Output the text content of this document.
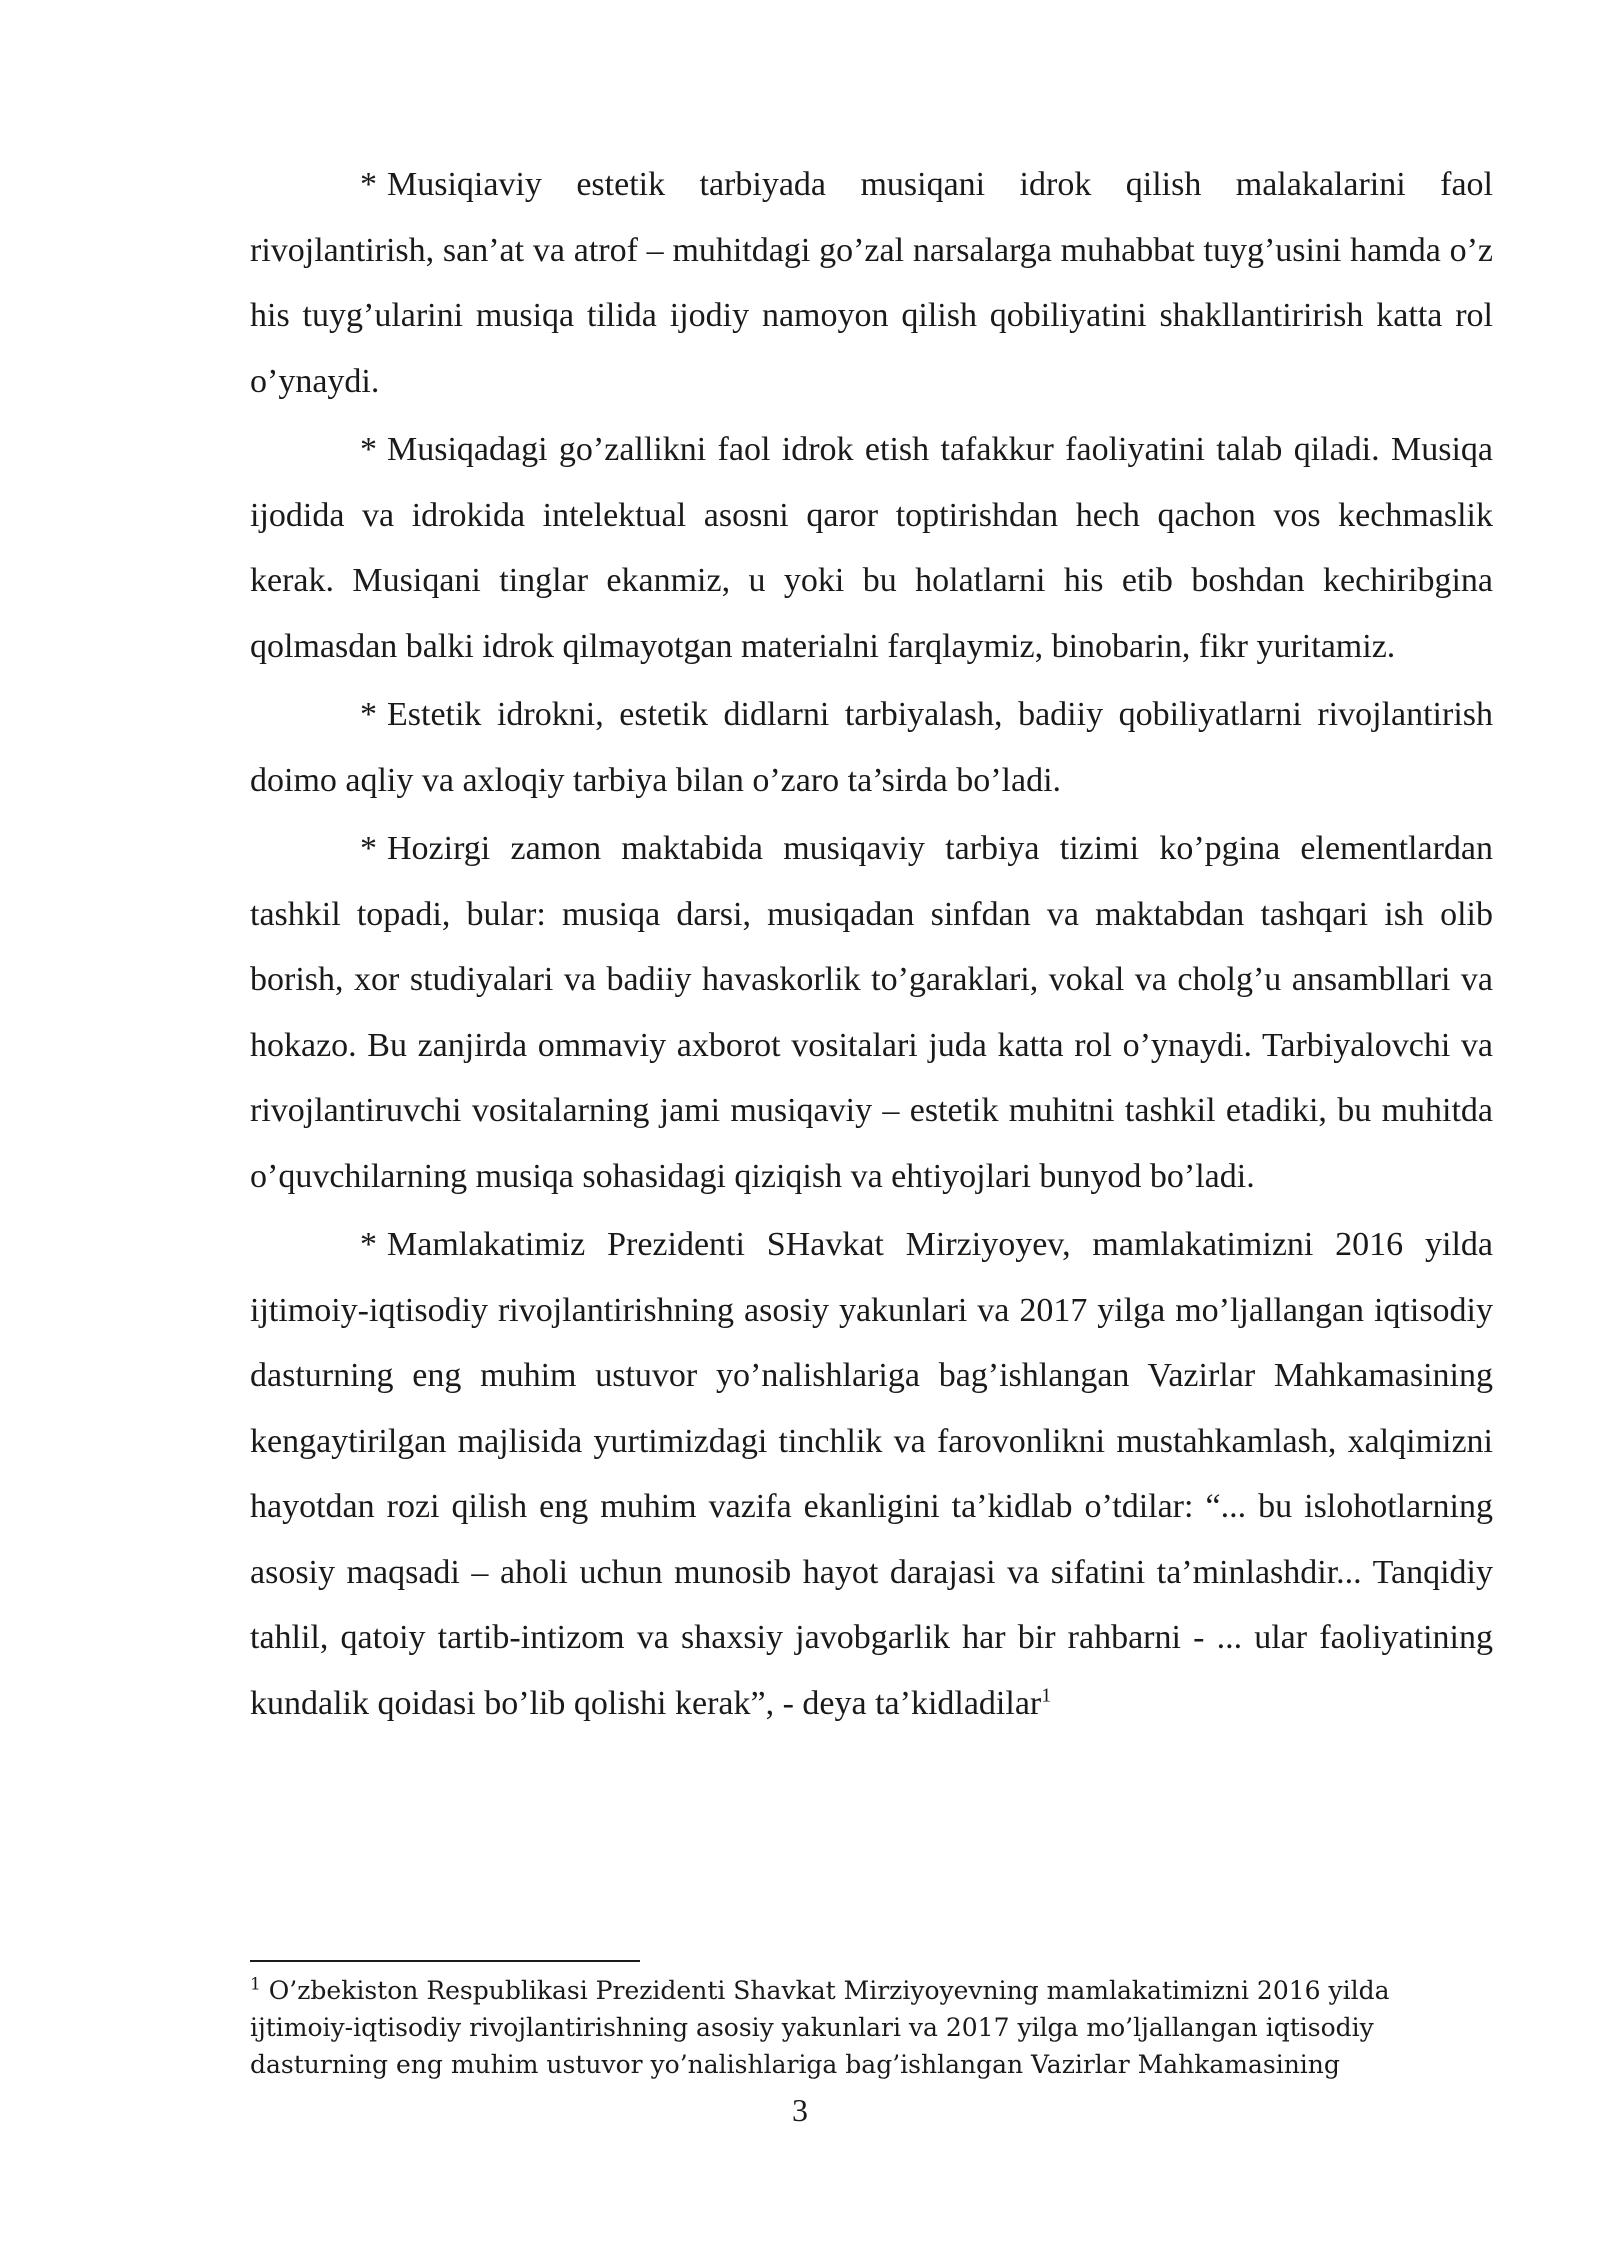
* Musiqiaviy estetik tarbiyada musiqani idrok qilish malakalarini faol rivojlantirish, san’at va atrof – muhitdagi go’zal narsalarga muhabbat tuyg’usini hamda o’z his tuyg’ularini musiqa tilida ijodiy namoyon qilish qobiliyatini shakllantirirish katta rol o’ynaydi.

* Musiqadagi go’zallikni faol idrok etish tafakkur faoliyatini talab qiladi. Musiqa ijodida va idrokida intelektual asosni qaror toptirishdan hech qachon vos kechmaslik kerak. Musiqani tinglar ekanmiz, u yoki bu holatlarni his etib boshdan kechiribgina qolmasdan balki idrok qilmayotgan materialni farqlaymiz, binobarin, fikr yuritamiz.

* Estetik idrokni, estetik didlarni tarbiyalash, badiiy qobiliyatlarni rivojlantirish doimo aqliy va axloqiy tarbiya bilan o’zaro ta’sirda bo’ladi.

* Hozirgi zamon maktabida musiqaviy tarbiya tizimi ko’pgina elementlardan tashkil topadi, bular: musiqa darsi, musiqadan sinfdan va maktabdan tashqari ish olib borish, xor studiyalari va badiiy havaskorlik to’garaklari, vokal va cholg’u ansambllari va hokazo. Bu zanjirda ommaviy axborot vositalari juda katta rol o’ynaydi. Tarbiyalovchi va rivojlantiruvchi vositalarning jami musiqaviy – estetik muhitni tashkil etadiki, bu muhitda o’quvchilarning musiqa sohasidagi qiziqish va ehtiyojlari bunyod bo’ladi.

* Mamlakatimiz Prezidenti SHavkat Mirziyoyev, mamlakatimizni 2016 yilda ijtimoiy-iqtisodiy rivojlantirishning asosiy yakunlari va 2017 yilga mo’ljallangan iqtisodiy dasturning eng muhim ustuvor yo’nalishlariga bag’ishlangan Vazirlar Mahkamasining kengaytirilgan majlisida yurtimizdagi tinchlik va farovonlikni mustahkamlash, xalqimizni hayotdan rozi qilish eng muhim vazifa ekanligini ta’kidlab o’tdilar: “... bu islohotlarning asosiy maqsadi – aholi uchun munosib hayot darajasi va sifatini ta’minlashdir... Tanqidiy tahlil, qatoiy tartib-intizom va shaxsiy javobgarlik har bir rahbarni - ... ular faoliyatining kundalik qoidasi bo’lib qolishi kerak”, - deya ta’kidladilar$^1$

$^1$ O’zbekiston Respublikasi Prezidenti Shavkat Mirziyoyevning mamlakatimizni 2016 yilda ijtimoiy-iqtisodiy rivojlantirishning asosiy yakunlari va 2017 yilga mo’ljallangan iqtisodiy dasturning eng muhim ustuvor yo’nalishlariga bag’ishlangan Vazirlar Mahkamasining
3
